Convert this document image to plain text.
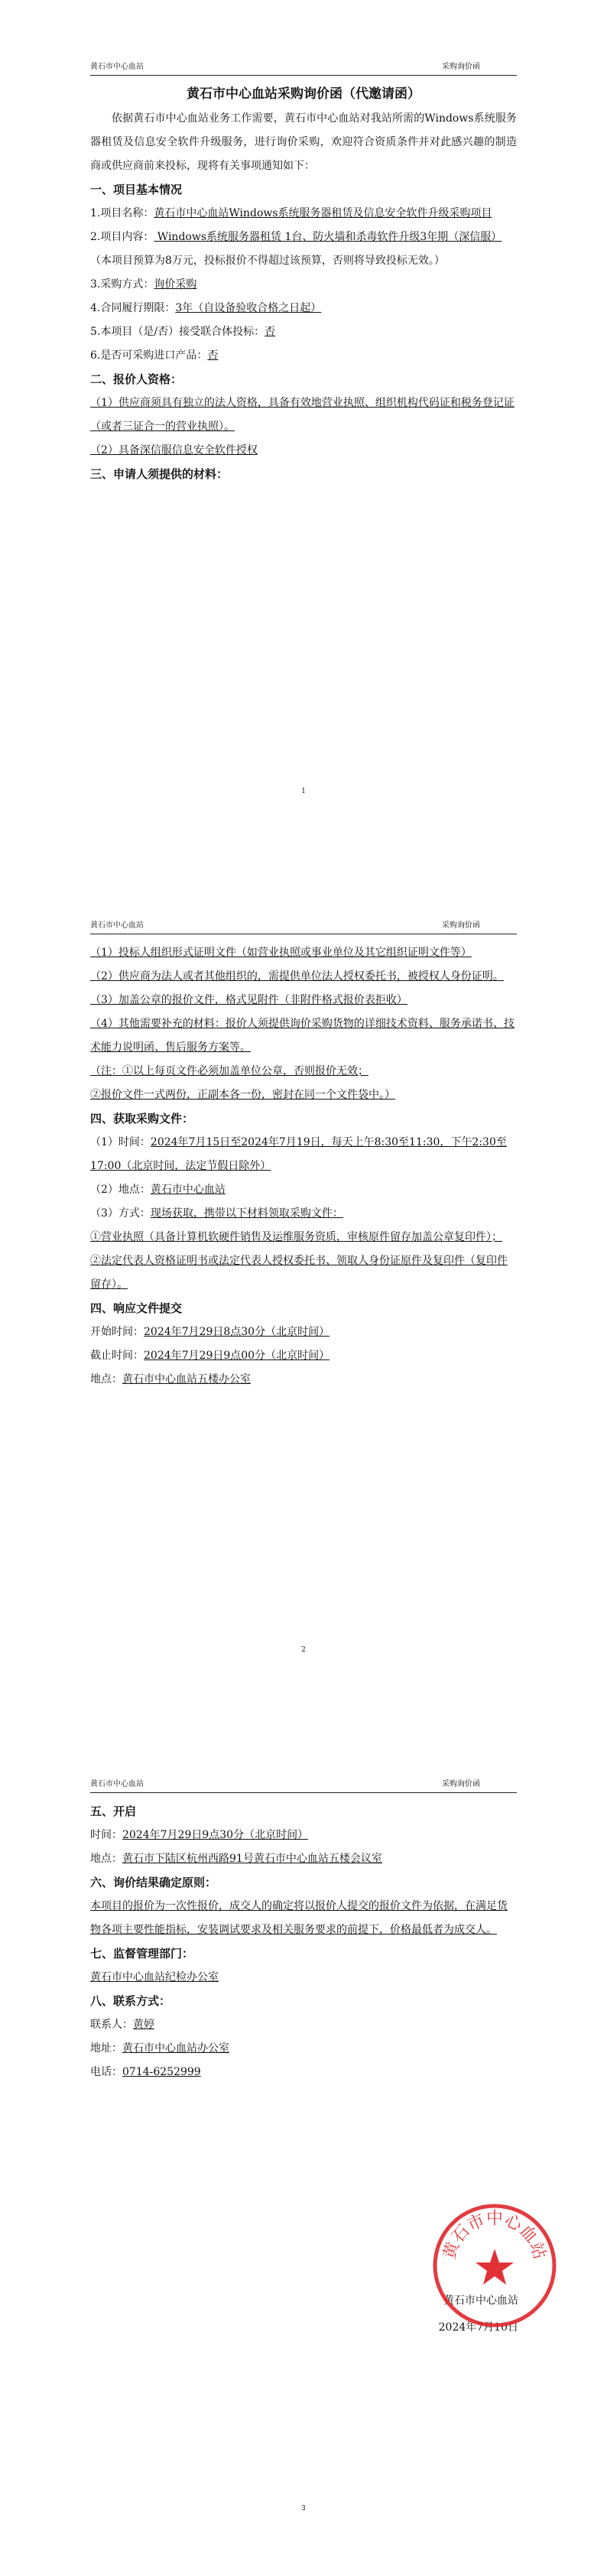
黄石市中心血站	采购询价函
黄石市中心血站采购询价函（代邀请函）
依据黄石市中心血站业务工作需要，黄石市中心血站对我站所需的Windows系统服务器租赁及信息安全软件升级服务，进行询价采购，欢迎符合资质条件并对此感兴趣的制造商或供应商前来投标，现将有关事项通知如下：
一、项目基本情况
1.项目名称：黄石市中心血站Windows系统服务器租赁及信息安全软件升级采购项目
2.项目内容： Windows系统服务器租赁 1台、防火墙和杀毒软件升级3年期（深信服）
（本项目预算为8万元，投标报价不得超过该预算，否则将导致投标无效。）
3.采购方式：询价采购
4.合同履行期限：3年（自设备验收合格之日起）
5.本项目（是/否）接受联合体投标：否
6.是否可采购进口产品：否
二、报价人资格：
（1）供应商须具有独立的法人资格，具备有效地营业执照、组织机构代码证和税务登记证（或者三证合一的营业执照）。
（2）具备深信服信息安全软件授权
三、申请人须提供的材料：
1
黄石市中心血站	采购询价函
（1）投标人组织形式证明文件（如营业执照或事业单位及其它组织证明文件等）
（2）供应商为法人或者其他组织的，需提供单位法人授权委托书，被授权人身份证明。
（3）加盖公章的报价文件，格式见附件（非附件格式报价表拒收）
（4）其他需要补充的材料：报价人须提供询价采购货物的详细技术资料、服务承诺书、技术能力说明函、售后服务方案等。
（注：①以上每页文件必须加盖单位公章，否则报价无效；
②报价文件一式两份，正副本各一份，密封在同一个文件袋中。）
四、获取采购文件：
（1）时间：2024年7月15日至2024年7月19日，每天上午8:30至11:30，下午2:30至17:00（北京时间，法定节假日除外）
（2）地点：黄石市中心血站
（3）方式：现场获取，携带以下材料领取采购文件：
①营业执照（具备计算机软硬件销售及运维服务资质，审核原件留存加盖公章复印件）；
②法定代表人资格证明书或法定代表人授权委托书、领取人身份证原件及复印件（复印件留存）。
四、响应文件提交
开始时间：2024年7月29日8点30分（北京时间）
截止时间：2024年7月29日9点00分（北京时间）
地点：黄石市中心血站五楼办公室
2
黄石市中心血站	采购询价函
五、开启
时间：2024年7月29日9点30分（北京时间）
地点：黄石市下陆区杭州西路91号黄石市中心血站五楼会议室
六、询价结果确定原则：
本项目的报价为一次性报价，成交人的确定将以报价人提交的报价文件为依据，在满足货物各项主要性能指标，安装调试要求及相关服务要求的前提下，价格最低者为成交人。
七、监督管理部门：
黄石市中心血站纪检办公室
八、联系方式：
联系人：黄婷
地址：黄石市中心血站办公室
电话：0714-6252999
黄石市中心血站
2024年7月10日
黄石市中心血站
3
